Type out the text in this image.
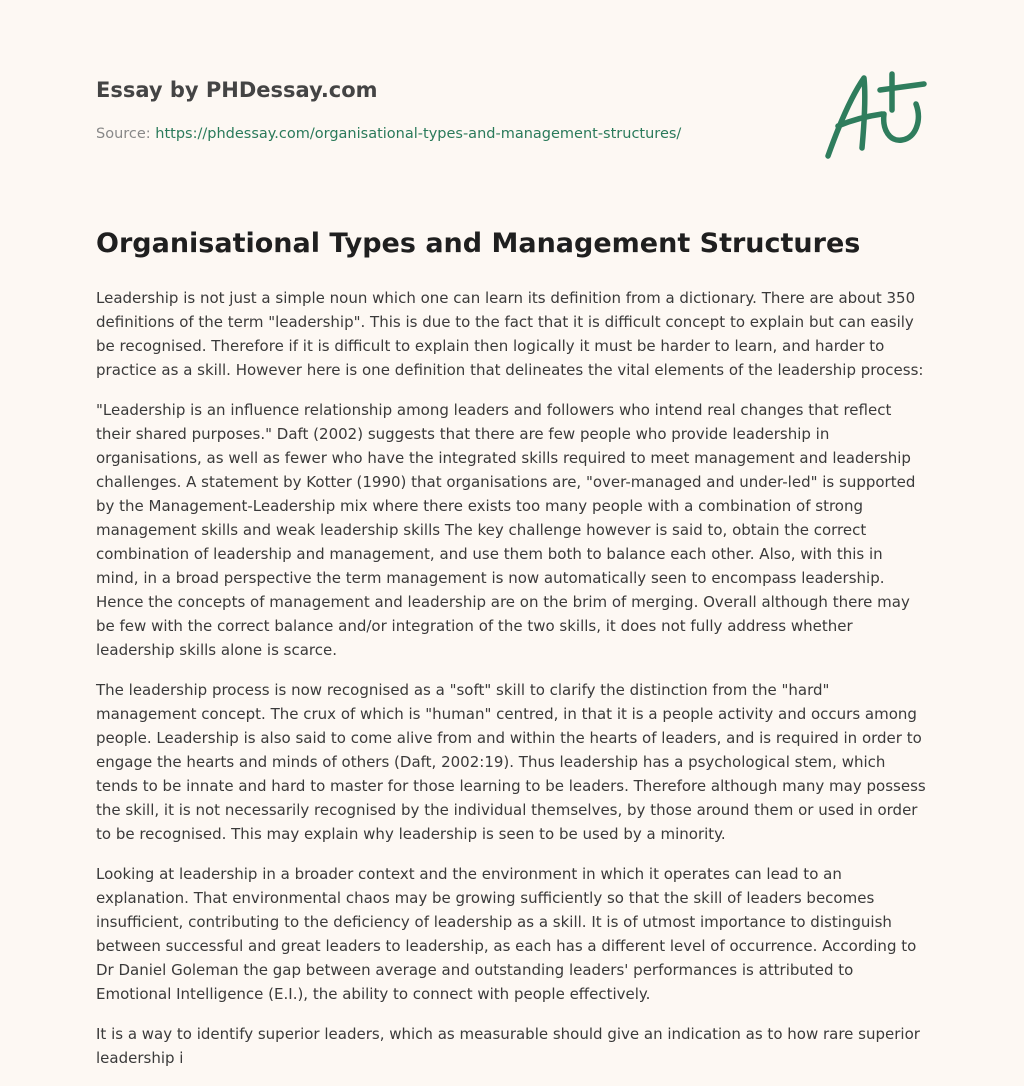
Essay by PHDessay.com
Source: https://phdessay.com/organisational-types-and-management-structures/
Organisational Types and Management Structures

Leadership is not just a simple noun which one can learn its definition from a dictionary. There are about 350 definitions of the term "leadership". This is due to the fact that it is difficult concept to explain but can easily be recognised. Therefore if it is difficult to explain then logically it must be harder to learn, and harder to practice as a skill. However here is one definition that delineates the vital elements of the leadership process:

"Leadership is an influence relationship among leaders and followers who intend real changes that reflect their shared purposes." Daft (2002) suggests that there are few people who provide leadership in organisations, as well as fewer who have the integrated skills required to meet management and leadership challenges. A statement by Kotter (1990) that organisations are, "over-managed and under-led" is supported by the Management-Leadership mix where there exists too many people with a combination of strong management skills and weak leadership skills The key challenge however is said to, obtain the correct combination of leadership and management, and use them both to balance each other. Also, with this in mind, in a broad perspective the term management is now automatically seen to encompass leadership. Hence the concepts of management and leadership are on the brim of merging. Overall although there may be few with the correct balance and/or integration of the two skills, it does not fully address whether leadership skills alone is scarce.

The leadership process is now recognised as a "soft" skill to clarify the distinction from the "hard" management concept. The crux of which is "human" centred, in that it is a people activity and occurs among people. Leadership is also said to come alive from and within the hearts of leaders, and is required in order to engage the hearts and minds of others (Daft, 2002:19). Thus leadership has a psychological stem, which tends to be innate and hard to master for those learning to be leaders. Therefore although many may possess the skill, it is not necessarily recognised by the individual themselves, by those around them or used in order to be recognised. This may explain why leadership is seen to be used by a minority.

Looking at leadership in a broader context and the environment in which it operates can lead to an explanation. That environmental chaos may be growing sufficiently so that the skill of leaders becomes insufficient, contributing to the deficiency of leadership as a skill. It is of utmost importance to distinguish between successful and great leaders to leadership, as each has a different level of occurrence. According to Dr Daniel Goleman the gap between average and outstanding leaders' performances is attributed to Emotional Intelligence (E.I.), the ability to connect with people effectively.

It is a way to identify superior leaders, which as measurable should give an indication as to how rare superior leadership i
